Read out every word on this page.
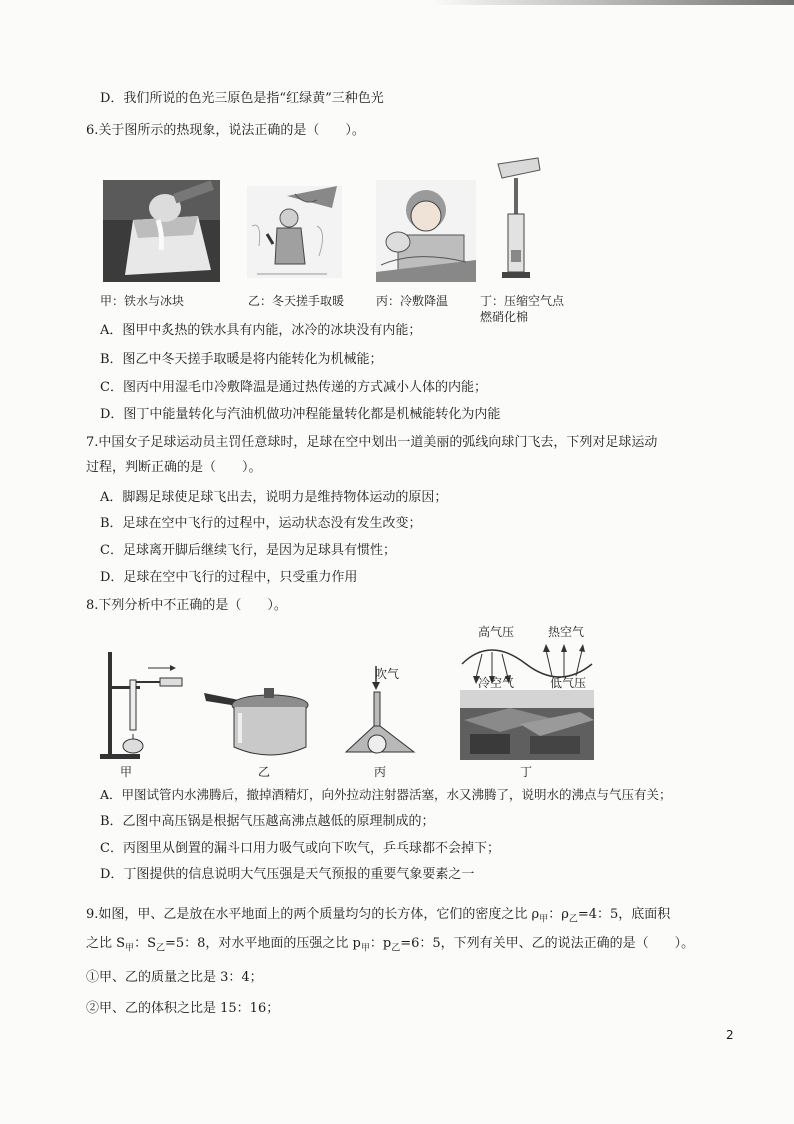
D．我们所说的色光三原色是指“红绿黄”三种色光
6.关于图所示的热现象，说法正确的是（　　）。
甲：铁水与冰块	乙：冬天搓手取暖	丙：冷敷降温	丁：压缩空气点
燃硝化棉
A．图甲中炙热的铁水具有内能，冰冷的冰块没有内能；
B．图乙中冬天搓手取暖是将内能转化为机械能；
C．图丙中用湿毛巾冷敷降温是通过热传递的方式减小人体的内能；
D．图丁中能量转化与汽油机做功冲程能量转化都是机械能转化为内能
7.中国女子足球运动员主罚任意球时，足球在空中划出一道美丽的弧线向球门飞去，下列对足球运动
过程，判断正确的是（　　）。
A．脚踢足球使足球飞出去，说明力是维持物体运动的原因；
B．足球在空中飞行的过程中，运动状态没有发生改变；
C．足球离开脚后继续飞行，是因为足球具有惯性；
D．足球在空中飞行的过程中，只受重力作用
8.下列分析中不正确的是（　　）。
吹气
高气压	热空气
冷空气	低气压
甲	乙	丙	丁
A．甲图试管内水沸腾后，撤掉酒精灯，向外拉动注射器活塞，水又沸腾了，说明水的沸点与气压有关；
B．乙图中高压锅是根据气压越高沸点越低的原理制成的；
C．丙图里从倒置的漏斗口用力吸气或向下吹气，乒乓球都不会掉下；
D．丁图提供的信息说明大气压强是天气预报的重要气象要素之一
9.如图，甲、乙是放在水平地面上的两个质量均匀的长方体，它们的密度之比 $\rho_甲$：$\rho_乙=4$：5，底面积
之比 $S_甲$：$S_乙=5$：8，对水平地面的压强之比 $p_甲$：$p_乙=6$：5，下列有关甲、乙的说法正确的是（　　）。
①甲、乙的质量之比是 3：4；
②甲、乙的体积之比是 15：16；
2
